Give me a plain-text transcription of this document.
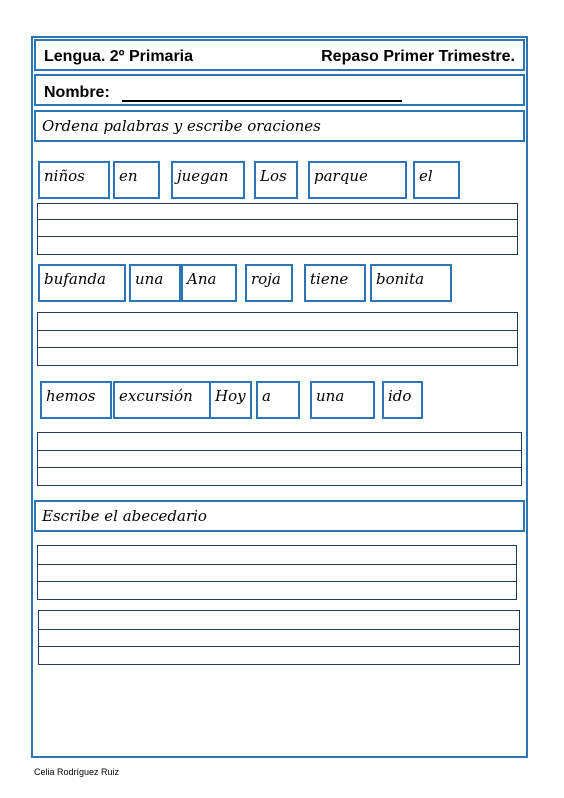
Lengua. 2º Primaria	Repaso Primer Trimestre.
Nombre:
Ordena palabras y escribe oraciones
niños	en	juegan	Los	parque	el
bufanda	una	Ana	roja	tiene	bonita
hemos	excursión	Hoy	a	una	ido
Escribe el abecedario
Celia Rodríguez Ruiz
